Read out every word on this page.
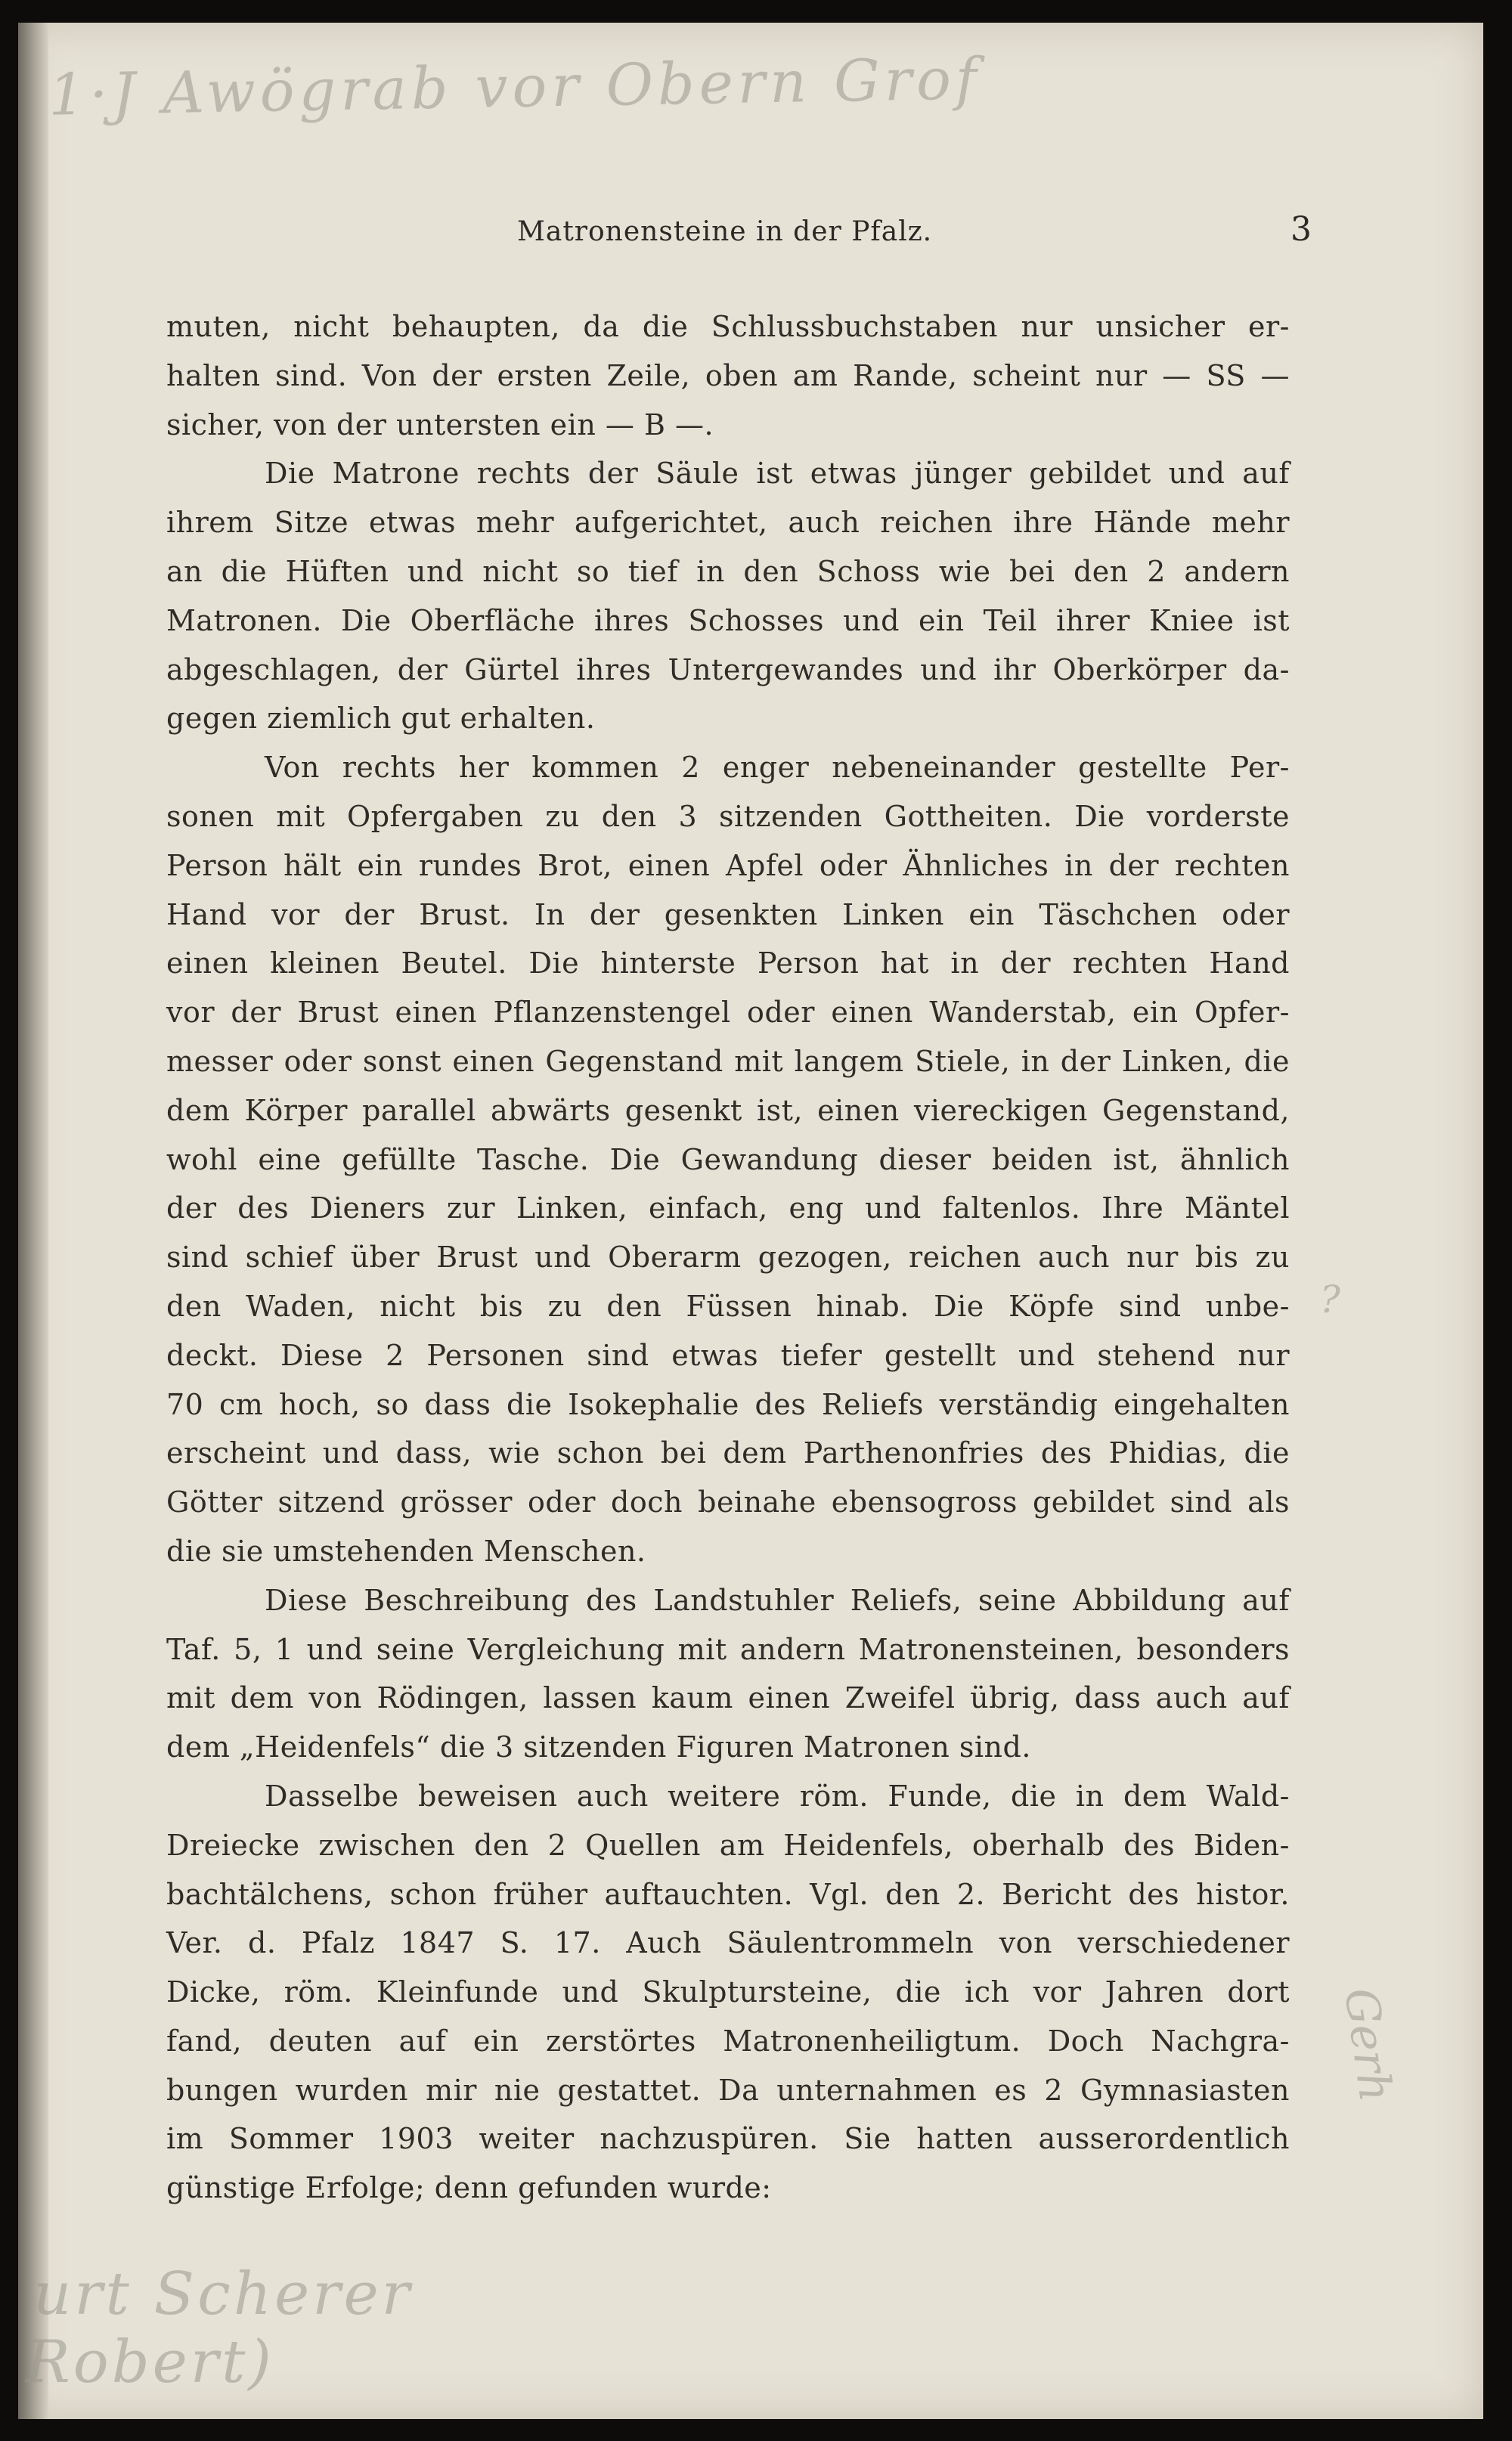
1·J Awögrab vor Obern Grof
?
Gerh
urt Scherer
Robert)
Matronensteine in der Pfalz.	3
muten, nicht behaupten, da die Schlussbuchstaben nur unsicher er-
halten sind. Von der ersten Zeile, oben am Rande, scheint nur — SS —
sicher, von der untersten ein — B —.
Die Matrone rechts der Säule ist etwas jünger gebildet und auf
ihrem Sitze etwas mehr aufgerichtet, auch reichen ihre Hände mehr
an die Hüften und nicht so tief in den Schoss wie bei den 2 andern
Matronen. Die Oberfläche ihres Schosses und ein Teil ihrer Kniee ist
abgeschlagen, der Gürtel ihres Untergewandes und ihr Oberkörper da-
gegen ziemlich gut erhalten.
Von rechts her kommen 2 enger nebeneinander gestellte Per-
sonen mit Opfergaben zu den 3 sitzenden Gottheiten. Die vorderste
Person hält ein rundes Brot, einen Apfel oder Ähnliches in der rechten
Hand vor der Brust. In der gesenkten Linken ein Täschchen oder
einen kleinen Beutel. Die hinterste Person hat in der rechten Hand
vor der Brust einen Pflanzenstengel oder einen Wanderstab, ein Opfer-
messer oder sonst einen Gegenstand mit langem Stiele, in der Linken, die
dem Körper parallel abwärts gesenkt ist, einen viereckigen Gegenstand,
wohl eine gefüllte Tasche. Die Gewandung dieser beiden ist, ähnlich
der des Dieners zur Linken, einfach, eng und faltenlos. Ihre Mäntel
sind schief über Brust und Oberarm gezogen, reichen auch nur bis zu
den Waden, nicht bis zu den Füssen hinab. Die Köpfe sind unbe-
deckt. Diese 2 Personen sind etwas tiefer gestellt und stehend nur
70 cm hoch, so dass die Isokephalie des Reliefs verständig eingehalten
erscheint und dass, wie schon bei dem Parthenonfries des Phidias, die
Götter sitzend grösser oder doch beinahe ebensogross gebildet sind als
die sie umstehenden Menschen.
Diese Beschreibung des Landstuhler Reliefs, seine Abbildung auf
Taf. 5, 1 und seine Vergleichung mit andern Matronensteinen, besonders
mit dem von Rödingen, lassen kaum einen Zweifel übrig, dass auch auf
dem „Heidenfels“ die 3 sitzenden Figuren Matronen sind.
Dasselbe beweisen auch weitere röm. Funde, die in dem Wald-
Dreiecke zwischen den 2 Quellen am Heidenfels, oberhalb des Biden-
bachtälchens, schon früher auftauchten. Vgl. den 2. Bericht des histor.
Ver. d. Pfalz 1847 S. 17. Auch Säulentrommeln von verschiedener
Dicke, röm. Kleinfunde und Skulptursteine, die ich vor Jahren dort
fand, deuten auf ein zerstörtes Matronenheiligtum. Doch Nachgra-
bungen wurden mir nie gestattet. Da unternahmen es 2 Gymnasiasten
im Sommer 1903 weiter nachzuspüren. Sie hatten ausserordentlich
günstige Erfolge; denn gefunden wurde:
